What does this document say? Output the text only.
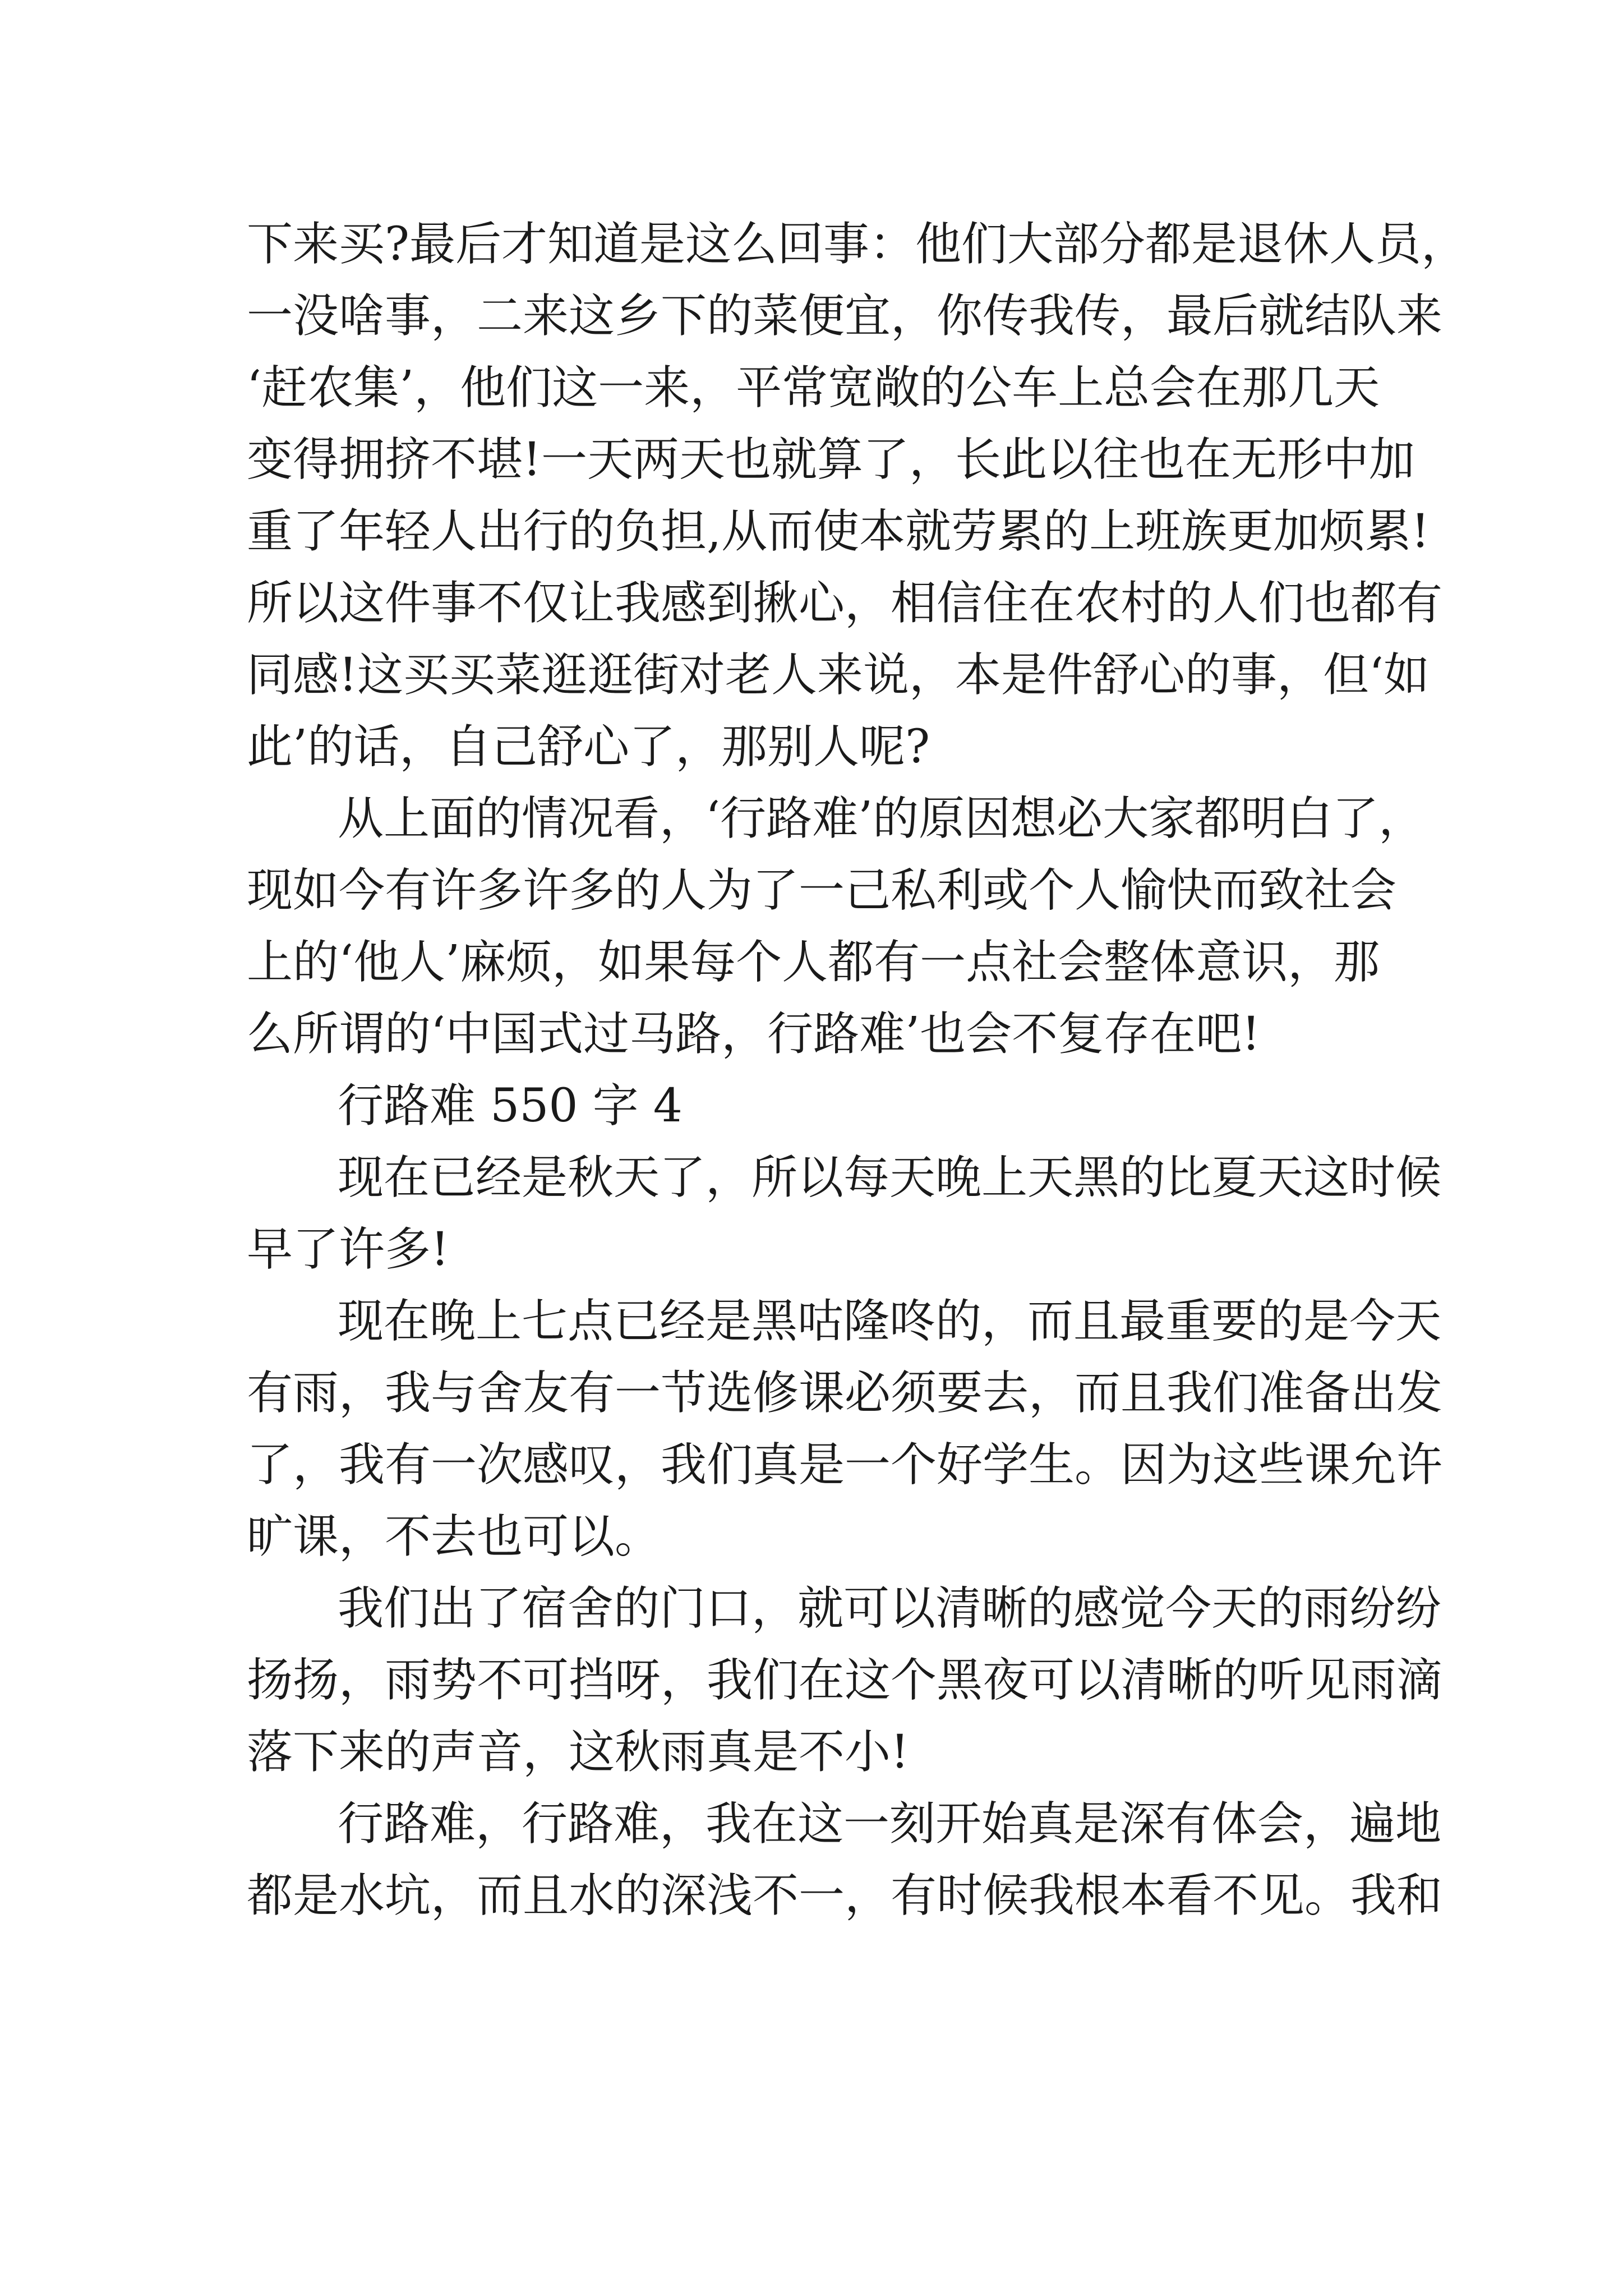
下来买?最后才知道是这么回事：他们大部分都是退休人员，
一没啥事，二来这乡下的菜便宜，你传我传，最后就结队来
‘赶农集’，他们这一来，平常宽敞的公车上总会在那几天
变得拥挤不堪!一天两天也就算了，长此以往也在无形中加
重了年轻人出行的负担,从而使本就劳累的上班族更加烦累!
所以这件事不仅让我感到揪心，相信住在农村的人们也都有
同感!这买买菜逛逛街对老人来说，本是件舒心的事，但‘如
此’的话，自己舒心了，那别人呢?
从上面的情况看，‘行路难’的原因想必大家都明白了，
现如今有许多许多的人为了一己私利或个人愉快而致社会
上的‘他人’麻烦，如果每个人都有一点社会整体意识，那
么所谓的‘中国式过马路，行路难’也会不复存在吧!
行路难 550 字 4
现在已经是秋天了，所以每天晚上天黑的比夏天这时候
早了许多!
现在晚上七点已经是黑咕隆咚的，而且最重要的是今天
有雨，我与舍友有一节选修课必须要去，而且我们准备出发
了，我有一次感叹，我们真是一个好学生。因为这些课允许
旷课，不去也可以。
我们出了宿舍的门口，就可以清晰的感觉今天的雨纷纷
扬扬，雨势不可挡呀，我们在这个黑夜可以清晰的听见雨滴
落下来的声音，这秋雨真是不小!
行路难，行路难，我在这一刻开始真是深有体会，遍地
都是水坑，而且水的深浅不一，有时候我根本看不见。我和
